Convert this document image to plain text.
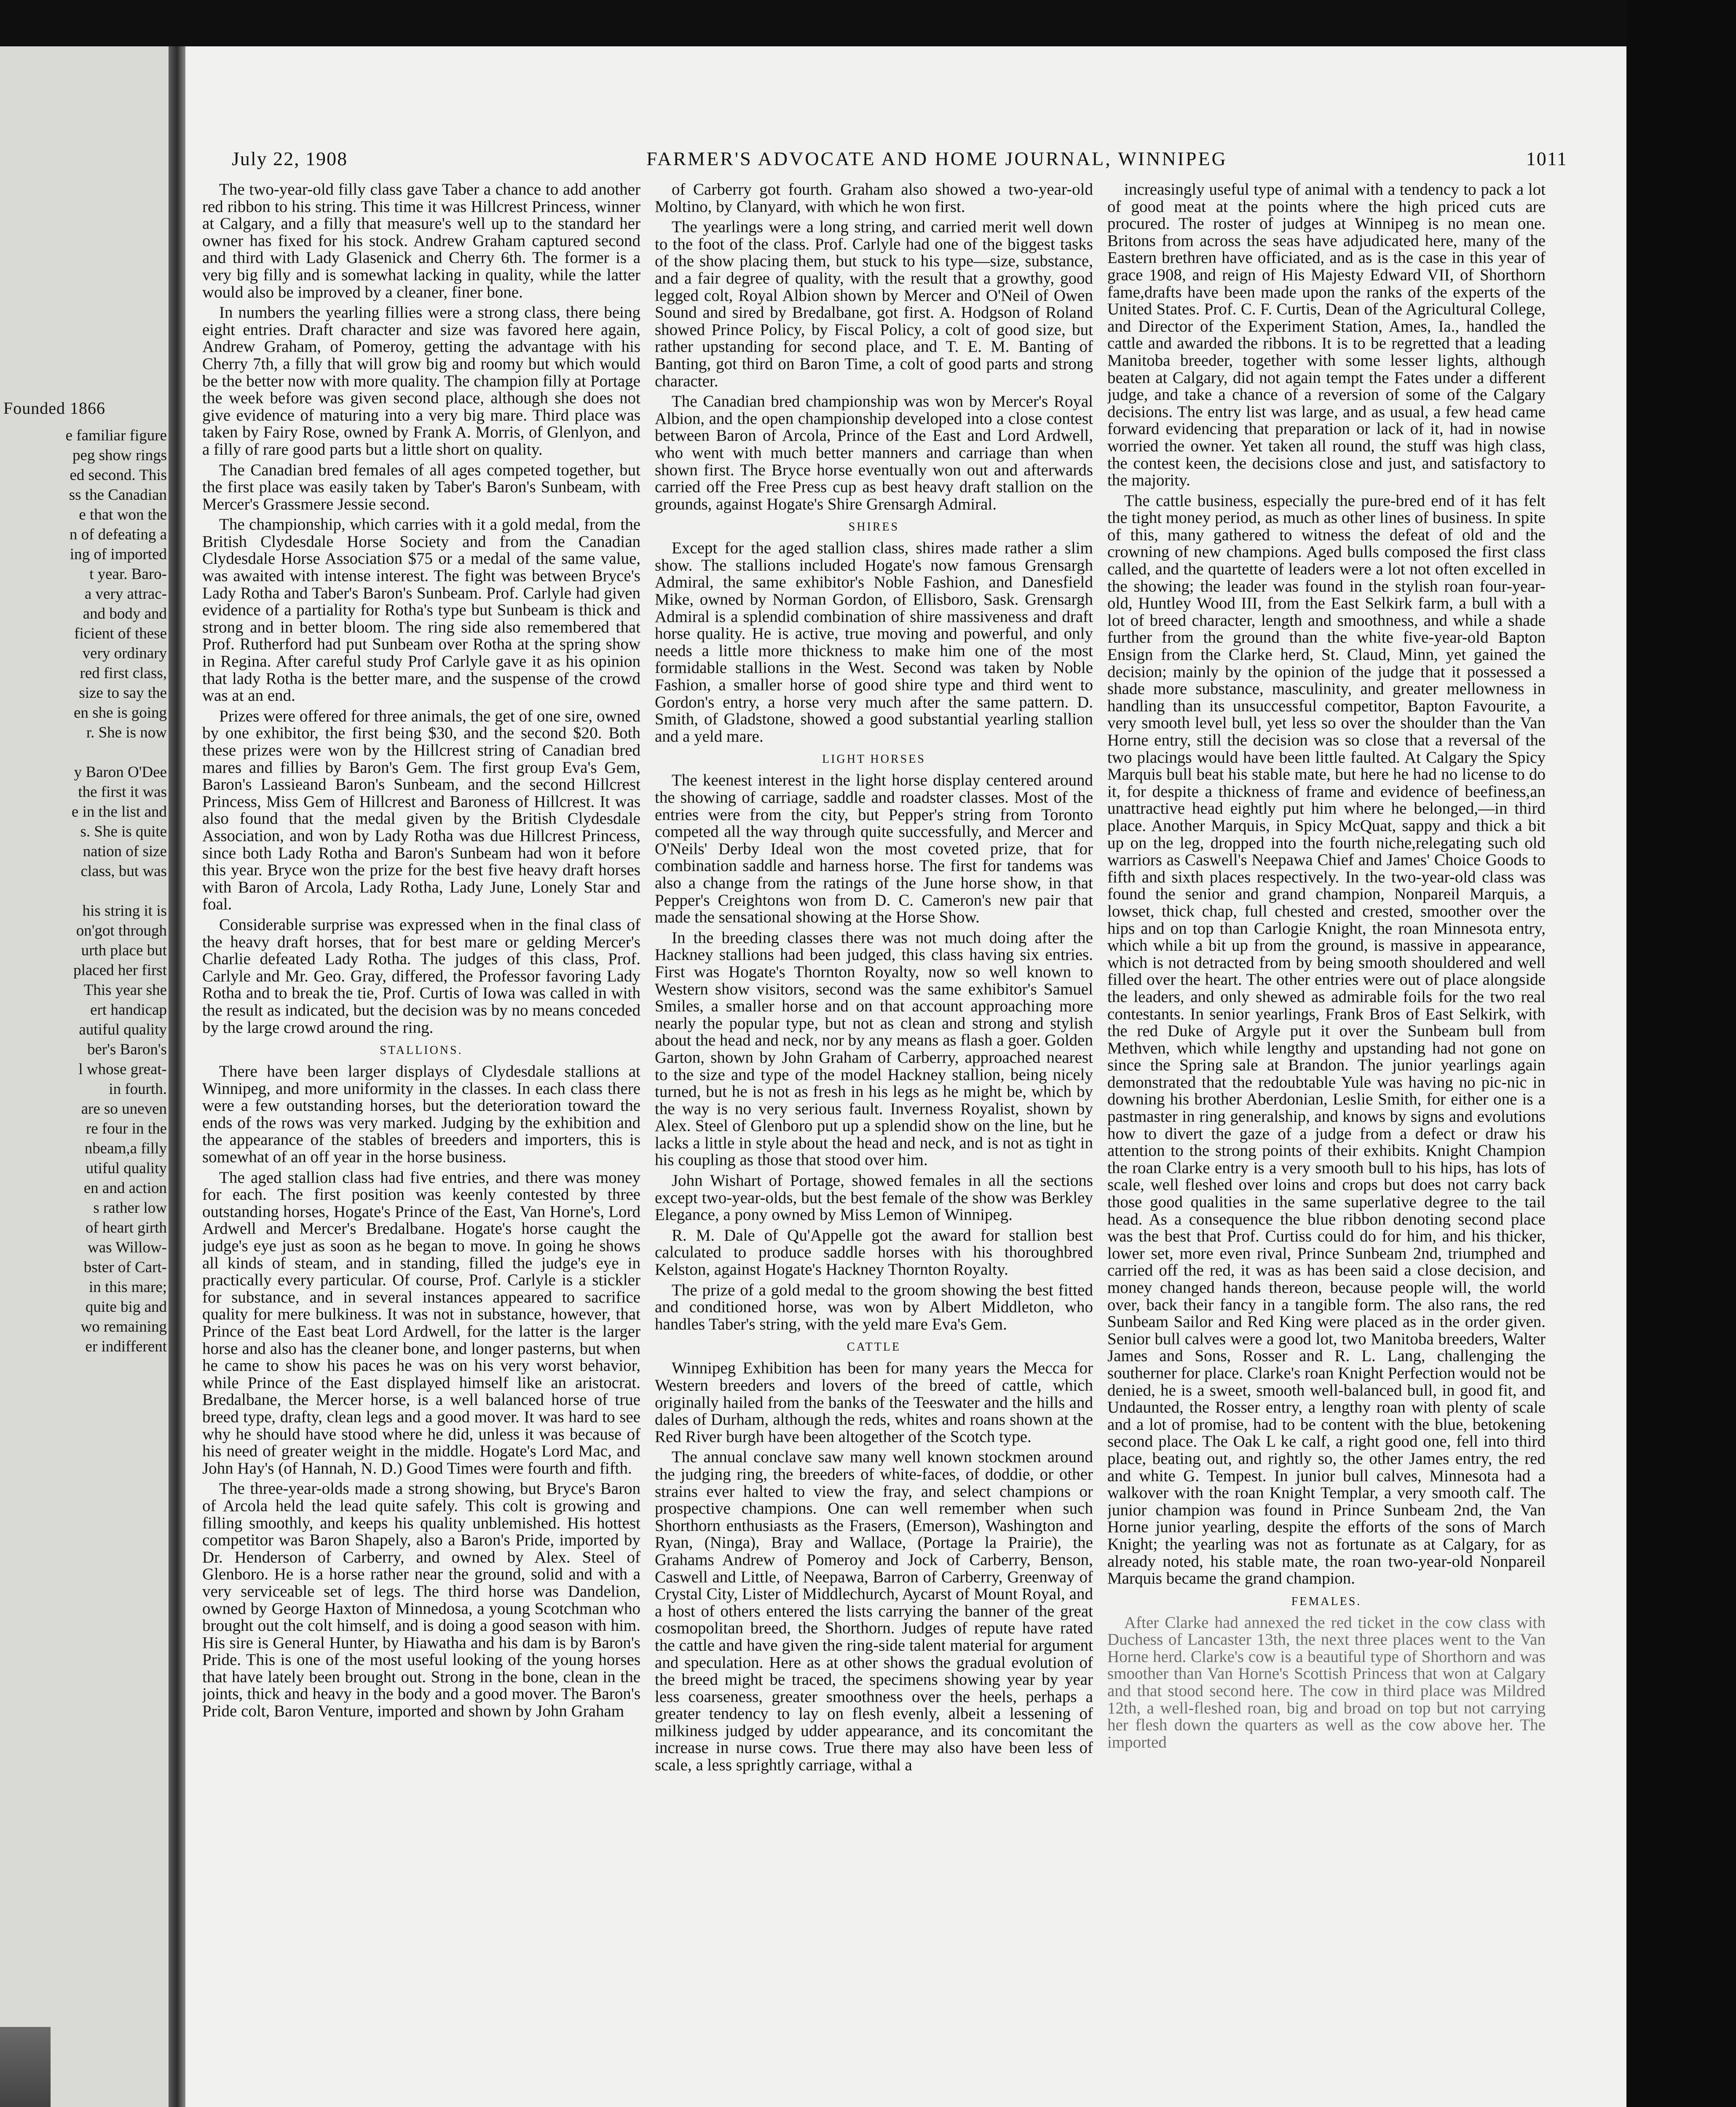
Founded 1866
e familiar figure
peg show rings
ed second. This
ss the Canadian
e that won the
n of defeating a
ing of imported
t year. Baro-
a very attrac-
and body and
ficient of these
very ordinary
red first class,
size to say the
en she is going
r. She is now

y Baron O'Dee
the first it was
e in the list and
s. She is quite
nation of size
class, but was

his string it is
on'got through
urth place but
placed her first
This year she
ert handicap
autiful quality
ber's Baron's
l whose great-
in fourth.
are so uneven
re four in the
nbeam,a filly
utiful quality
en and action
s rather low
of heart girth
was Willow-
bster of Cart-
in this mare;
quite big and
wo remaining
er indifferent
July 22, 1908	FARMER'S ADVOCATE AND HOME JOURNAL, WINNIPEG	1011

The two-year-old filly class gave Taber a chance to add another red ribbon to his string. This time it was Hillcrest Princess, winner at Calgary, and a filly that measure's well up to the standard her owner has fixed for his stock. Andrew Graham captured second and third with Lady Glasenick and Cherry 6th. The former is a very big filly and is somewhat lacking in quality, while the latter would also be improved by a cleaner, finer bone.

In numbers the yearling fillies were a strong class, there being eight entries. Draft character and size was favored here again, Andrew Graham, of Pomeroy, getting the advantage with his Cherry 7th, a filly that will grow big and roomy but which would be the better now with more quality. The champion filly at Portage the week before was given second place, although she does not give evidence of maturing into a very big mare. Third place was taken by Fairy Rose, owned by Frank A. Morris, of Glenlyon, and a filly of rare good parts but a little short on quality.

The Canadian bred females of all ages competed together, but the first place was easily taken by Taber's Baron's Sunbeam, with Mercer's Grassmere Jessie second.

The championship, which carries with it a gold medal, from the British Clydesdale Horse Society and from the Canadian Clydesdale Horse Association $75 or a medal of the same value, was awaited with intense interest. The fight was between Bryce's Lady Rotha and Taber's Baron's Sunbeam. Prof. Carlyle had given evidence of a partiality for Rotha's type but Sunbeam is thick and strong and in better bloom. The ring side also remembered that Prof. Rutherford had put Sunbeam over Rotha at the spring show in Regina. After careful study Prof Carlyle gave it as his opinion that lady Rotha is the better mare, and the suspense of the crowd was at an end.

Prizes were offered for three animals, the get of one sire, owned by one exhibitor, the first being $30, and the second $20. Both these prizes were won by the Hillcrest string of Canadian bred mares and fillies by Baron's Gem. The first group Eva's Gem, Baron's Lassieand Baron's Sunbeam, and the second Hillcrest Princess, Miss Gem of Hillcrest and Baroness of Hillcrest. It was also found that the medal given by the British Clydesdale Association, and won by Lady Rotha was due Hillcrest Princess, since both Lady Rotha and Baron's Sunbeam had won it before this year. Bryce won the prize for the best five heavy draft horses with Baron of Arcola, Lady Rotha, Lady June, Lonely Star and foal.

Considerable surprise was expressed when in the final class of the heavy draft horses, that for best mare or gelding Mercer's Charlie defeated Lady Rotha. The judges of this class, Prof. Carlyle and Mr. Geo. Gray, differed, the Professor favoring Lady Rotha and to break the tie, Prof. Curtis of Iowa was called in with the result as indicated, but the decision was by no means conceded by the large crowd around the ring.

STALLIONS.

There have been larger displays of Clydesdale stallions at Winnipeg, and more uniformity in the classes. In each class there were a few outstanding horses, but the deterioration toward the ends of the rows was very marked. Judging by the exhibition and the appearance of the stables of breeders and importers, this is somewhat of an off year in the horse business.

The aged stallion class had five entries, and there was money for each. The first position was keenly contested by three outstanding horses, Hogate's Prince of the East, Van Horne's, Lord Ardwell and Mercer's Bredalbane. Hogate's horse caught the judge's eye just as soon as he began to move. In going he shows all kinds of steam, and in standing, filled the judge's eye in practically every particular. Of course, Prof. Carlyle is a stickler for substance, and in several instances appeared to sacrifice quality for mere bulkiness. It was not in substance, however, that Prince of the East beat Lord Ardwell, for the latter is the larger horse and also has the cleaner bone, and longer pasterns, but when he came to show his paces he was on his very worst behavior, while Prince of the East displayed himself like an aristocrat. Bredalbane, the Mercer horse, is a well balanced horse of true breed type, drafty, clean legs and a good mover. It was hard to see why he should have stood where he did, unless it was because of his need of greater weight in the middle. Hogate's Lord Mac, and John Hay's (of Hannah, N. D.) Good Times were fourth and fifth.

The three-year-olds made a strong showing, but Bryce's Baron of Arcola held the lead quite safely. This colt is growing and filling smoothly, and keeps his quality unblemished. His hottest competitor was Baron Shapely, also a Baron's Pride, imported by Dr. Henderson of Carberry, and owned by Alex. Steel of Glenboro. He is a horse rather near the ground, solid and with a very serviceable set of legs. The third horse was Dandelion, owned by George Haxton of Minnedosa, a young Scotchman who brought out the colt himself, and is doing a good season with him. His sire is General Hunter, by Hiawatha and his dam is by Baron's Pride. This is one of the most useful looking of the young horses that have lately been brought out. Strong in the bone, clean in the joints, thick and heavy in the body and a good mover. The Baron's Pride colt, Baron Venture, imported and shown by John Graham

of Carberry got fourth. Graham also showed a two-year-old Moltino, by Clanyard, with which he won first.

The yearlings were a long string, and carried merit well down to the foot of the class. Prof. Carlyle had one of the biggest tasks of the show placing them, but stuck to his type—size, substance, and a fair degree of quality, with the result that a growthy, good legged colt, Royal Albion shown by Mercer and O'Neil of Owen Sound and sired by Bredalbane, got first. A. Hodgson of Roland showed Prince Policy, by Fiscal Policy, a colt of good size, but rather upstanding for second place, and T. E. M. Banting of Banting, got third on Baron Time, a colt of good parts and strong character.

The Canadian bred championship was won by Mercer's Royal Albion, and the open championship developed into a close contest between Baron of Arcola, Prince of the East and Lord Ardwell, who went with much better manners and carriage than when shown first. The Bryce horse eventually won out and afterwards carried off the Free Press cup as best heavy draft stallion on the grounds, against Hogate's Shire Grensargh Admiral.

SHIRES

Except for the aged stallion class, shires made rather a slim show. The stallions included Hogate's now famous Grensargh Admiral, the same exhibitor's Noble Fashion, and Danesfield Mike, owned by Norman Gordon, of Ellisboro, Sask. Grensargh Admiral is a splendid combination of shire massiveness and draft horse quality. He is active, true moving and powerful, and only needs a little more thickness to make him one of the most formidable stallions in the West. Second was taken by Noble Fashion, a smaller horse of good shire type and third went to Gordon's entry, a horse very much after the same pattern. D. Smith, of Gladstone, showed a good substantial yearling stallion and a yeld mare.

LIGHT HORSES

The keenest interest in the light horse display centered around the showing of carriage, saddle and roadster classes. Most of the entries were from the city, but Pepper's string from Toronto competed all the way through quite successfully, and Mercer and O'Neils' Derby Ideal won the most coveted prize, that for combination saddle and harness horse. The first for tandems was also a change from the ratings of the June horse show, in that Pepper's Creightons won from D. C. Cameron's new pair that made the sensational showing at the Horse Show.

In the breeding classes there was not much doing after the Hackney stallions had been judged, this class having six entries. First was Hogate's Thornton Royalty, now so well known to Western show visitors, second was the same exhibitor's Samuel Smiles, a smaller horse and on that account approaching more nearly the popular type, but not as clean and strong and stylish about the head and neck, nor by any means as flash a goer. Golden Garton, shown by John Graham of Carberry, approached nearest to the size and type of the model Hackney stallion, being nicely turned, but he is not as fresh in his legs as he might be, which by the way is no very serious fault. Inverness Royalist, shown by Alex. Steel of Glenboro put up a splendid show on the line, but he lacks a little in style about the head and neck, and is not as tight in his coupling as those that stood over him.

John Wishart of Portage, showed females in all the sections except two-year-olds, but the best female of the show was Berkley Elegance, a pony owned by Miss Lemon of Winnipeg.

R. M. Dale of Qu'Appelle got the award for stallion best calculated to produce saddle horses with his thoroughbred Kelston, against Hogate's Hackney Thornton Royalty.

The prize of a gold medal to the groom showing the best fitted and conditioned horse, was won by Albert Middleton, who handles Taber's string, with the yeld mare Eva's Gem.

CATTLE

Winnipeg Exhibition has been for many years the Mecca for Western breeders and lovers of the breed of cattle, which originally hailed from the banks of the Teeswater and the hills and dales of Durham, although the reds, whites and roans shown at the Red River burgh have been altogether of the Scotch type.

The annual conclave saw many well known stockmen around the judging ring, the breeders of white-faces, of doddie, or other strains ever halted to view the fray, and select champions or prospective champions. One can well remember when such Shorthorn enthusiasts as the Frasers, (Emerson), Washington and Ryan, (Ninga), Bray and Wallace, (Portage la Prairie), the Grahams Andrew of Pomeroy and Jock of Carberry, Benson, Caswell and Little, of Neepawa, Barron of Carberry, Greenway of Crystal City, Lister of Middlechurch, Aycarst of Mount Royal, and a host of others entered the lists carrying the banner of the great cosmopolitan breed, the Shorthorn. Judges of repute have rated the cattle and have given the ring-side talent material for argument and speculation. Here as at other shows the gradual evolution of the breed might be traced, the specimens showing year by year less coarseness, greater smoothness over the heels, perhaps a greater tendency to lay on flesh evenly, albeit a lessening of milkiness judged by udder appearance, and its concomitant the increase in nurse cows. True there may also have been less of scale, a less sprightly carriage, withal a

increasingly useful type of animal with a tendency to pack a lot of good meat at the points where the high priced cuts are procured. The roster of judges at Winnipeg is no mean one. Britons from across the seas have adjudicated here, many of the Eastern brethren have officiated, and as is the case in this year of grace 1908, and reign of His Majesty Edward VII, of Shorthorn fame,drafts have been made upon the ranks of the experts of the United States. Prof. C. F. Curtis, Dean of the Agricultural College, and Director of the Experiment Station, Ames, Ia., handled the cattle and awarded the ribbons. It is to be regretted that a leading Manitoba breeder, together with some lesser lights, although beaten at Calgary, did not again tempt the Fates under a different judge, and take a chance of a reversion of some of the Calgary decisions. The entry list was large, and as usual, a few head came forward evidencing that preparation or lack of it, had in nowise worried the owner. Yet taken all round, the stuff was high class, the contest keen, the decisions close and just, and satisfactory to the majority.

The cattle business, especially the pure-bred end of it has felt the tight money period, as much as other lines of business. In spite of this, many gathered to witness the defeat of old and the crowning of new champions. Aged bulls composed the first class called, and the quartette of leaders were a lot not often excelled in the showing; the leader was found in the stylish roan four-year-old, Huntley Wood III, from the East Selkirk farm, a bull with a lot of breed character, length and smoothness, and while a shade further from the ground than the white five-year-old Bapton Ensign from the Clarke herd, St. Claud, Minn, yet gained the decision; mainly by the opinion of the judge that it possessed a shade more substance, masculinity, and greater mellowness in handling than its unsuccessful competitor, Bapton Favourite, a very smooth level bull, yet less so over the shoulder than the Van Horne entry, still the decision was so close that a reversal of the two placings would have been little faulted. At Calgary the Spicy Marquis bull beat his stable mate, but here he had no license to do it, for despite a thickness of frame and evidence of beefiness,an unattractive head eightly put him where he belonged,—in third place. Another Marquis, in Spicy McQuat, sappy and thick a bit up on the leg, dropped into the fourth niche,relegating such old warriors as Caswell's Neepawa Chief and James' Choice Goods to fifth and sixth places respectively. In the two-year-old class was found the senior and grand champion, Nonpareil Marquis, a lowset, thick chap, full chested and crested, smoother over the hips and on top than Carlogie Knight, the roan Minnesota entry, which while a bit up from the ground, is massive in appearance, which is not detracted from by being smooth shouldered and well filled over the heart. The other entries were out of place alongside the leaders, and only shewed as admirable foils for the two real contestants. In senior yearlings, Frank Bros of East Selkirk, with the red Duke of Argyle put it over the Sunbeam bull from Methven, which while lengthy and upstanding had not gone on since the Spring sale at Brandon. The junior yearlings again demonstrated that the redoubtable Yule was having no pic-nic in downing his brother Aberdonian, Leslie Smith, for either one is a pastmaster in ring generalship, and knows by signs and evolutions how to divert the gaze of a judge from a defect or draw his attention to the strong points of their exhibits. Knight Champion the roan Clarke entry is a very smooth bull to his hips, has lots of scale, well fleshed over loins and crops but does not carry back those good qualities in the same superlative degree to the tail head. As a consequence the blue ribbon denoting second place was the best that Prof. Curtiss could do for him, and his thicker, lower set, more even rival, Prince Sunbeam 2nd, triumphed and carried off the red, it was as has been said a close decision, and money changed hands thereon, because people will, the world over, back their fancy in a tangible form. The also rans, the red Sunbeam Sailor and Red King were placed as in the order given. Senior bull calves were a good lot, two Manitoba breeders, Walter James and Sons, Rosser and R. L. Lang, challenging the southerner for place. Clarke's roan Knight Perfection would not be denied, he is a sweet, smooth well-balanced bull, in good fit, and Undaunted, the Rosser entry, a lengthy roan with plenty of scale and a lot of promise, had to be content with the blue, betokening second place. The Oak L ke calf, a right good one, fell into third place, beating out, and rightly so, the other James entry, the red and white G. Tempest. In junior bull calves, Minnesota had a walkover with the roan Knight Templar, a very smooth calf. The junior champion was found in Prince Sunbeam 2nd, the Van Horne junior yearling, despite the efforts of the sons of March Knight; the yearling was not as fortunate as at Calgary, for as already noted, his stable mate, the roan two-year-old Nonpareil Marquis became the grand champion.

FEMALES.

After Clarke had annexed the red ticket in the cow class with Duchess of Lancaster 13th, the next three places went to the Van Horne herd. Clarke's cow is a beautiful type of Shorthorn and was smoother than Van Horne's Scottish Princess that won at Calgary and that stood second here. The cow in third place was Mildred 12th, a well-fleshed roan, big and broad on top but not carrying her flesh down the quarters as well as the cow above her. The imported
